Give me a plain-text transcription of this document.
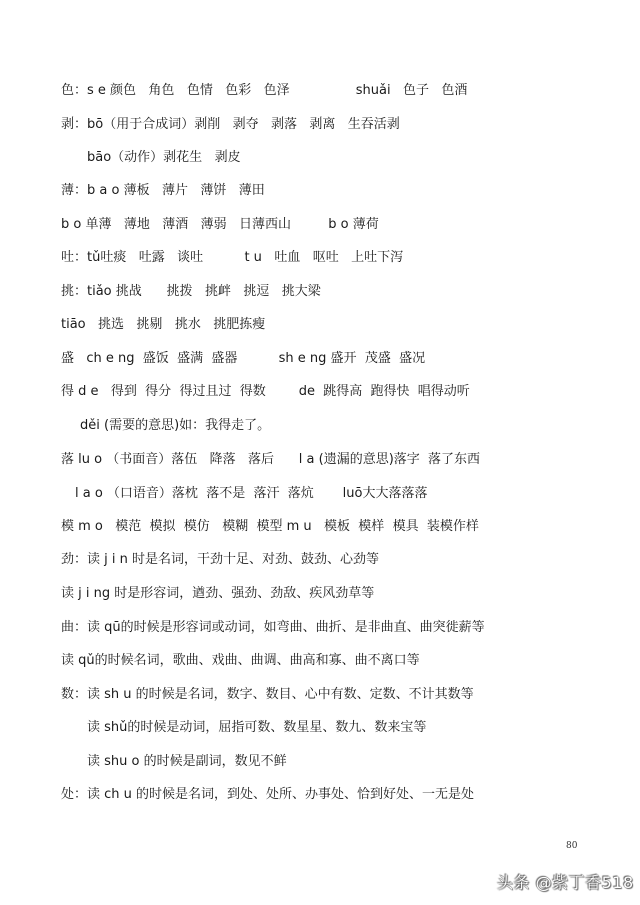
色：s e 颜色   角色   色情   色彩   色泽                shuǎi   色子   色酒
剥：bō（用于合成词）剥削   剥夺   剥落   剥离   生吞活剥
bāo（动作）剥花生   剥皮
薄：b a o 薄板   薄片   薄饼   薄田
b o 单薄   薄地   薄酒   薄弱   日薄西山         b o 薄荷
吐：tǔ吐痰   吐露   谈吐          t u   吐血   呕吐   上吐下泻
挑：tiǎo 挑战      挑拨   挑衅   挑逗   挑大梁
tiāo   挑选   挑剔   挑水   挑肥拣瘦
盛   ch e ng  盛饭  盛满  盛器          sh e ng 盛开  茂盛  盛况
得 d e   得到  得分  得过且过  得数        de  跳得高  跑得快  唱得动听
děi (需要的意思)如：我得走了。
落 lu o （书面音）落伍   降落   落后      l a (遗漏的意思)落字  落了东西
l a o （口语音）落枕  落不是  落汗  落炕       luō大大落落落
模 m o   模范  模拟  模仿   模糊  模型 m u   模板  模样  模具  装模作样
劲：读 j i n 时是名词，干劲十足、对劲、鼓劲、心劲等
读 j i ng 时是形容词，遒劲、强劲、劲敌、疾风劲草等
曲：读 qū的时候是形容词或动词，如弯曲、曲折、是非曲直、曲突徙薪等
读 qǔ的时候名词，歌曲、戏曲、曲调、曲高和寡、曲不离口等
数：读 sh u 的时候是名词，数字、数目、心中有数、定数、不计其数等
读 shǔ的时候是动词，屈指可数、数星星、数九、数来宝等
读 shu o 的时候是副词，数见不鲜
处：读 ch u 的时候是名词，到处、处所、办事处、恰到好处、一无是处
80
头条 @紫丁香518
